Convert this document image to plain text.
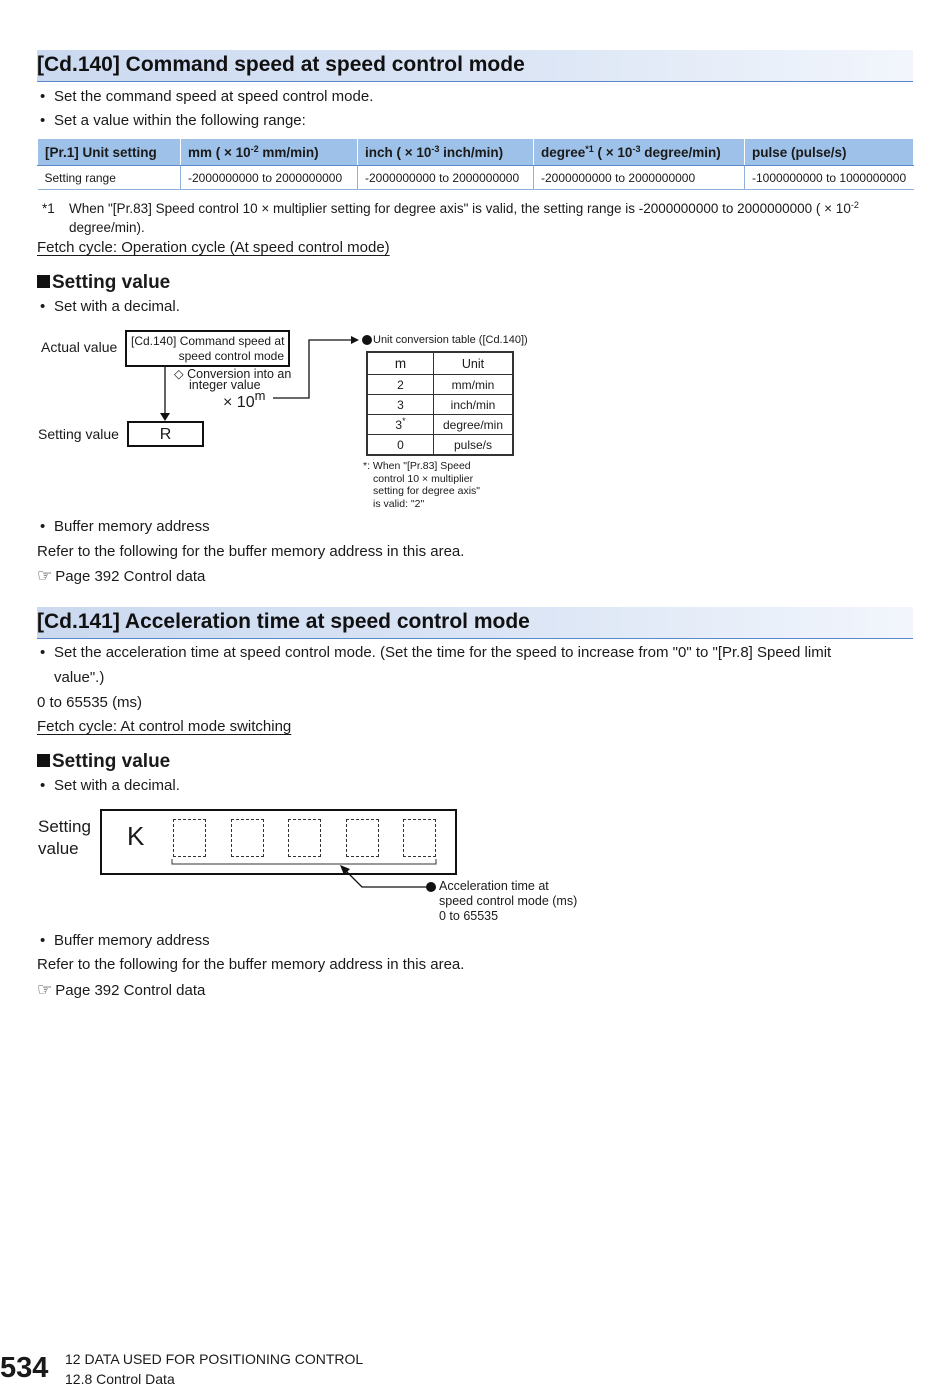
[Cd.140] Command speed at speed control mode
• Set the command speed at speed control mode.
• Set a value within the following range:
[Pr.1] Unit setting	mm ( × $10^{-2}$ mm/min)	inch ( × $10^{-3}$ inch/min)	degree$^{*1}$ ( × $10^{-3}$ degree/min)	pulse (pulse/s)
Setting range	-2000000000 to 2000000000	-2000000000 to 2000000000	-2000000000 to 2000000000	-1000000000 to 1000000000
*1 When "[Pr.83] Speed control 10 × multiplier setting for degree axis" is valid, the setting range is -2000000000 to 2000000000 ( × $10^{-2}$
degree/min).
Fetch cycle: Operation cycle (At speed control mode)
Setting value
• Set with a decimal.
Actual value [Cd.140] Command speed at
speed control mode
◇ Conversion into an
integer value
× $10^m$
Setting value	R
Unit conversion table ([Cd.140])
m	Unit
2	mm/min
3	inch/min
3*	degree/min
0	pulse/s
*: When "[Pr.83] Speed
control 10 × multiplier
setting for degree axis"
is valid: "2"
• Buffer memory address
Refer to the following for the buffer memory address in this area.
☞ Page 392 Control data
[Cd.141] Acceleration time at speed control mode
• Set the acceleration time at speed control mode. (Set the time for the speed to increase from "0" to "[Pr.8] Speed limit
value".)
0 to 65535 (ms)
Fetch cycle: At control mode switching
Setting value
• Set with a decimal.
Setting
value	K
Acceleration time at
speed control mode (ms)
0 to 65535
• Buffer memory address
Refer to the following for the buffer memory address in this area.
☞ Page 392 Control data
534 12 DATA USED FOR POSITIONING CONTROL
12.8 Control Data
